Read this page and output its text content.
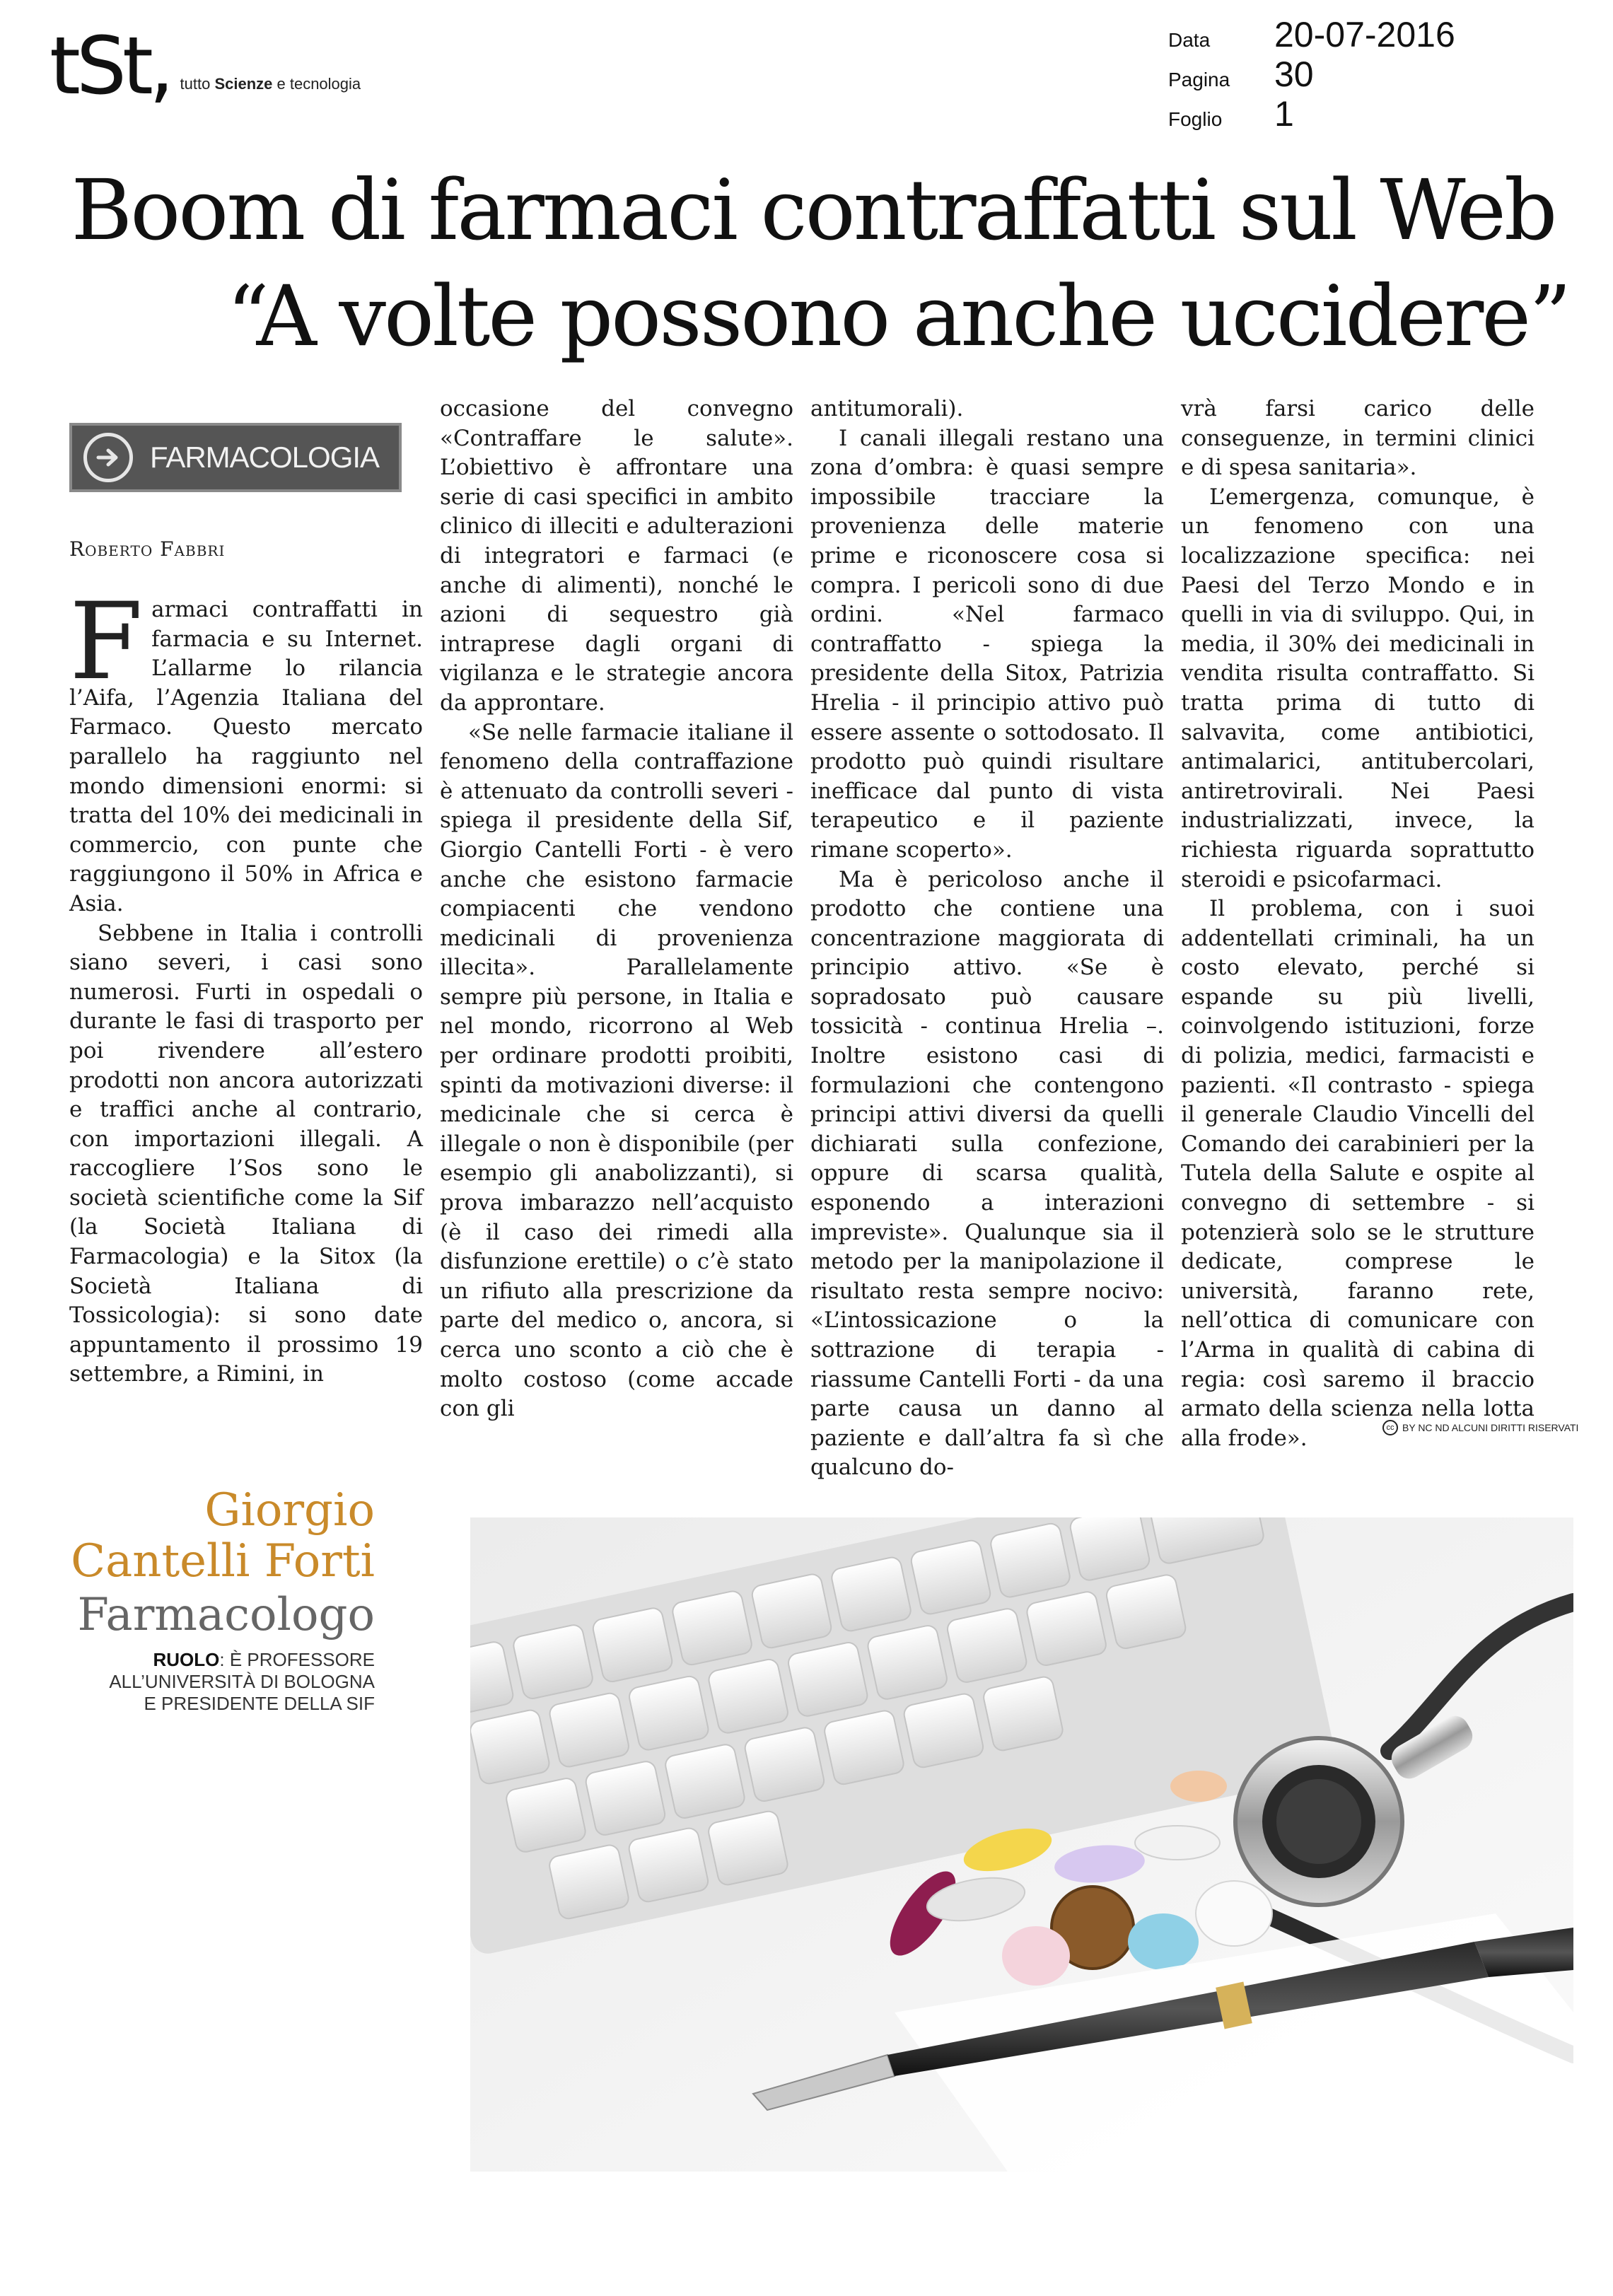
tSt, tutto Scienze e tecnologia
Data	20-07-2016
Pagina	30
Foglio	1
Boom di farmaci contraffatti sul Web
“A volte possono anche uccidere”
FARMACOLOGIA
Roberto Fabbri

Farmaci contraffatti in farmacia e su Internet. L’allarme lo rilancia l’Aifa, l’Agenzia Italiana del Farmaco. Questo mercato parallelo ha raggiunto nel mondo dimensioni enormi: si tratta del 10% dei medicinali in commercio, con punte che raggiungono il 50% in Africa e Asia.

Sebbene in Italia i controlli siano severi, i casi sono numerosi. Furti in ospedali o durante le fasi di trasporto per poi rivendere all’estero prodotti non ancora autorizzati e traffici anche al contrario, con importazioni illegali. A raccogliere l’Sos sono le società scientifiche come la Sif (la Società Italiana di Farmacologia) e la Sitox (la Società Italiana di Tossicologia): si sono date appuntamento il prossimo 19 settembre, a Rimini, in

occasione del convegno «Contraffare le salute». L’obiettivo è affrontare una serie di casi specifici in ambito clinico di illeciti e adulterazioni di integratori e farmaci (e anche di alimenti), nonché le azioni di sequestro già intraprese dagli organi di vigilanza e le strategie ancora da approntare.

«Se nelle farmacie italiane il fenomeno della contraffazione è attenuato da controlli severi - spiega il presidente della Sif, Giorgio Cantelli Forti - è vero anche che esistono farmacie compiacenti che vendono medicinali di provenienza illecita». Parallelamente sempre più persone, in Italia e nel mondo, ricorrono al Web per ordinare prodotti proibiti, spinti da motivazioni diverse: il medicinale che si cerca è illegale o non è disponibile (per esempio gli anabolizzanti), si prova imbarazzo nell’acquisto (è il caso dei rimedi alla disfunzione erettile) o c’è stato un rifiuto alla prescrizione da parte del medico o, ancora, si cerca uno sconto a ciò che è molto costoso (come accade con gli

antitumorali).

I canali illegali restano una zona d’ombra: è quasi sempre impossibile tracciare la provenienza delle materie prime e riconoscere cosa si compra. I pericoli sono di due ordini. «Nel farmaco contraffatto - spiega la presidente della Sitox, Patrizia Hrelia - il principio attivo può essere assente o sottodosato. Il prodotto può quindi risultare inefficace dal punto di vista terapeutico e il paziente rimane scoperto».

Ma è pericoloso anche il prodotto che contiene una concentrazione maggiorata di principio attivo. «Se è sopradosato può causare tossicità - continua Hrelia –. Inoltre esistono casi di formulazioni che contengono principi attivi diversi da quelli dichiarati sulla confezione, oppure di scarsa qualità, esponendo a interazioni impreviste». Qualunque sia il metodo per la manipolazione il risultato resta sempre nocivo: «L’intossicazione o la sottrazione di terapia - riassume Cantelli Forti - da una parte causa un danno al paziente e dall’altra fa sì che qualcuno do-

vrà farsi carico delle conseguenze, in termini clinici e di spesa sanitaria».

L’emergenza, comunque, è un fenomeno con una localizzazione specifica: nei Paesi del Terzo Mondo e in quelli in via di sviluppo. Qui, in media, il 30% dei medicinali in vendita risulta contraffatto. Si tratta prima di tutto di salvavita, come antibiotici, antimalarici, antitubercolari, antiretrovirali. Nei Paesi industrializzati, invece, la richiesta riguarda soprattutto steroidi e psicofarmaci.

Il problema, con i suoi addentellati criminali, ha un costo elevato, perché si espande su più livelli, coinvolgendo istituzioni, forze di polizia, medici, farmacisti e pazienti. «Il contrasto - spiega il generale Claudio Vincelli del Comando dei carabinieri per la Tutela della Salute e ospite al convegno di settembre - si potenzierà solo se le strutture dedicate, comprese le università, faranno rete, nell’ottica di comunicare con l’Arma in qualità di cabina di regia: così saremo il braccio armato della scienza nella lotta alla frode».	cc BY NC ND ALCUNI DIRITTI RISERVATI
Giorgio
Cantelli Forti
Farmacologo
RUOLO: È PROFESSORE
ALL’UNIVERSITÀ DI BOLOGNA
E PRESIDENTE DELLA SIF
